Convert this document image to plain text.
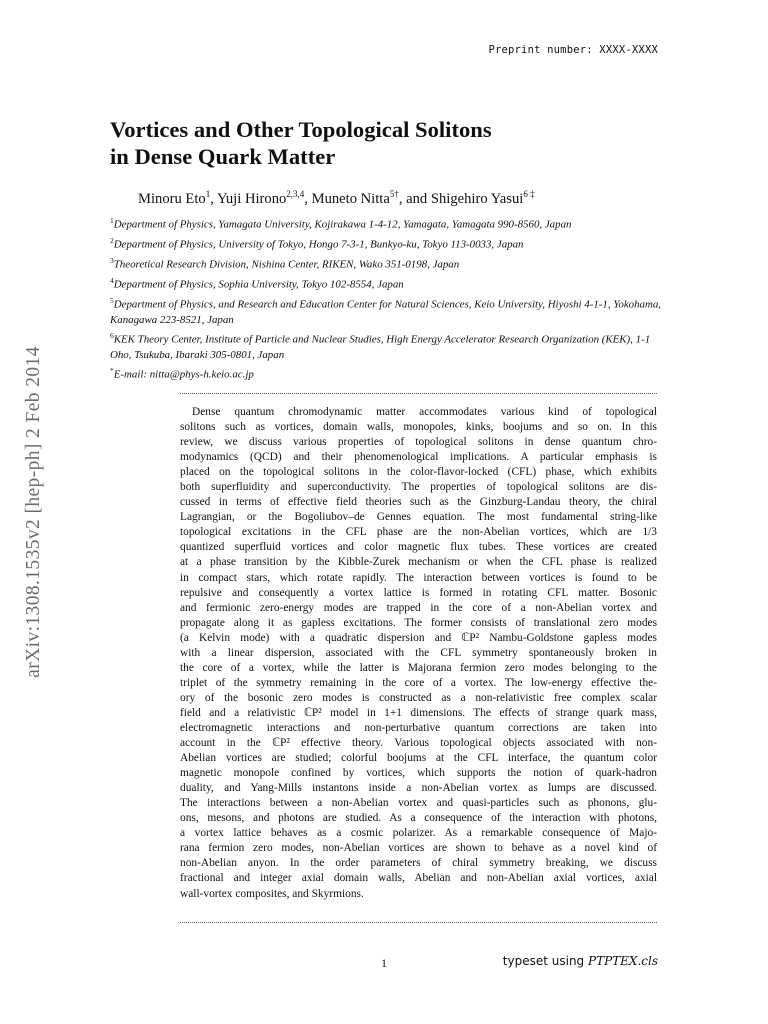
Preprint number: XXXX-XXXX
arXiv:1308.1535v2 [hep-ph] 2 Feb 2014
Vortices and Other Topological Solitons
in Dense Quark Matter
Minoru Eto$^1$, Yuji Hirono$^{2,3,4}$, Muneto Nitta$^{5\dagger}$, and Shigehiro Yasui$^{6 \ddagger}$

$^1$Department of Physics, Yamagata University, Kojirakawa 1-4-12, Yamagata, Yamagata 990-8560, Japan

$^2$Department of Physics, University of Tokyo, Hongo 7-3-1, Bunkyo-ku, Tokyo 113-0033, Japan

$^3$Theoretical Research Division, Nishina Center, RIKEN, Wako 351-0198, Japan

$^4$Department of Physics, Sophia University, Tokyo 102-8554, Japan

$^5$Department of Physics, and Research and Education Center for Natural Sciences, Keio University, Hiyoshi 4-1-1, Yokohama, Kanagawa 223-8521, Japan

$^6$KEK Theory Center, Institute of Particle and Nuclear Studies, High Energy Accelerator Research Organization (KEK), 1-1 Oho, Tsukuba, Ibaraki 305-0801, Japan

*E-mail: nitta@phys-h.keio.ac.jp

Dense quantum chromodynamic matter accommodates various kind of topological
solitons such as vortices, domain walls, monopoles, kinks, boojums and so on. In this
review, we discuss various properties of topological solitons in dense quantum chro-
modynamics (QCD) and their phenomenological implications. A particular emphasis is
placed on the topological solitons in the color-flavor-locked (CFL) phase, which exhibits
both superfluidity and superconductivity. The properties of topological solitons are dis-
cussed in terms of effective field theories such as the Ginzburg-Landau theory, the chiral
Lagrangian, or the Bogoliubov–de Gennes equation. The most fundamental string-like
topological excitations in the CFL phase are the non-Abelian vortices, which are 1/3
quantized superfluid vortices and color magnetic flux tubes. These vortices are created
at a phase transition by the Kibble-Zurek mechanism or when the CFL phase is realized
in compact stars, which rotate rapidly. The interaction between vortices is found to be
repulsive and consequently a vortex lattice is formed in rotating CFL matter. Bosonic
and fermionic zero-energy modes are trapped in the core of a non-Abelian vortex and
propagate along it as gapless excitations. The former consists of translational zero modes
(a Kelvin mode) with a quadratic dispersion and ℂP² Nambu-Goldstone gapless modes
with a linear dispersion, associated with the CFL symmetry spontaneously broken in
the core of a vortex, while the latter is Majorana fermion zero modes belonging to the
triplet of the symmetry remaining in the core of a vortex. The low-energy effective the-
ory of the bosonic zero modes is constructed as a non-relativistic free complex scalar
field and a relativistic ℂP² model in 1+1 dimensions. The effects of strange quark mass,
electromagnetic interactions and non-perturbative quantum corrections are taken into
account in the ℂP² effective theory. Various topological objects associated with non-
Abelian vortices are studied; colorful boojums at the CFL interface, the quantum color
magnetic monopole confined by vortices, which supports the notion of quark-hadron
duality, and Yang-Mills instantons inside a non-Abelian vortex as lumps are discussed.
The interactions between a non-Abelian vortex and quasi-particles such as phonons, glu-
ons, mesons, and photons are studied. As a consequence of the interaction with photons,
a vortex lattice behaves as a cosmic polarizer. As a remarkable consequence of Majo-
rana fermion zero modes, non-Abelian vortices are shown to behave as a novel kind of
non-Abelian anyon. In the order parameters of chiral symmetry breaking, we discuss
fractional and integer axial domain walls, Abelian and non-Abelian axial vortices, axial
wall-vortex composites, and Skyrmions.
1	typeset using PTPTEX.cls
